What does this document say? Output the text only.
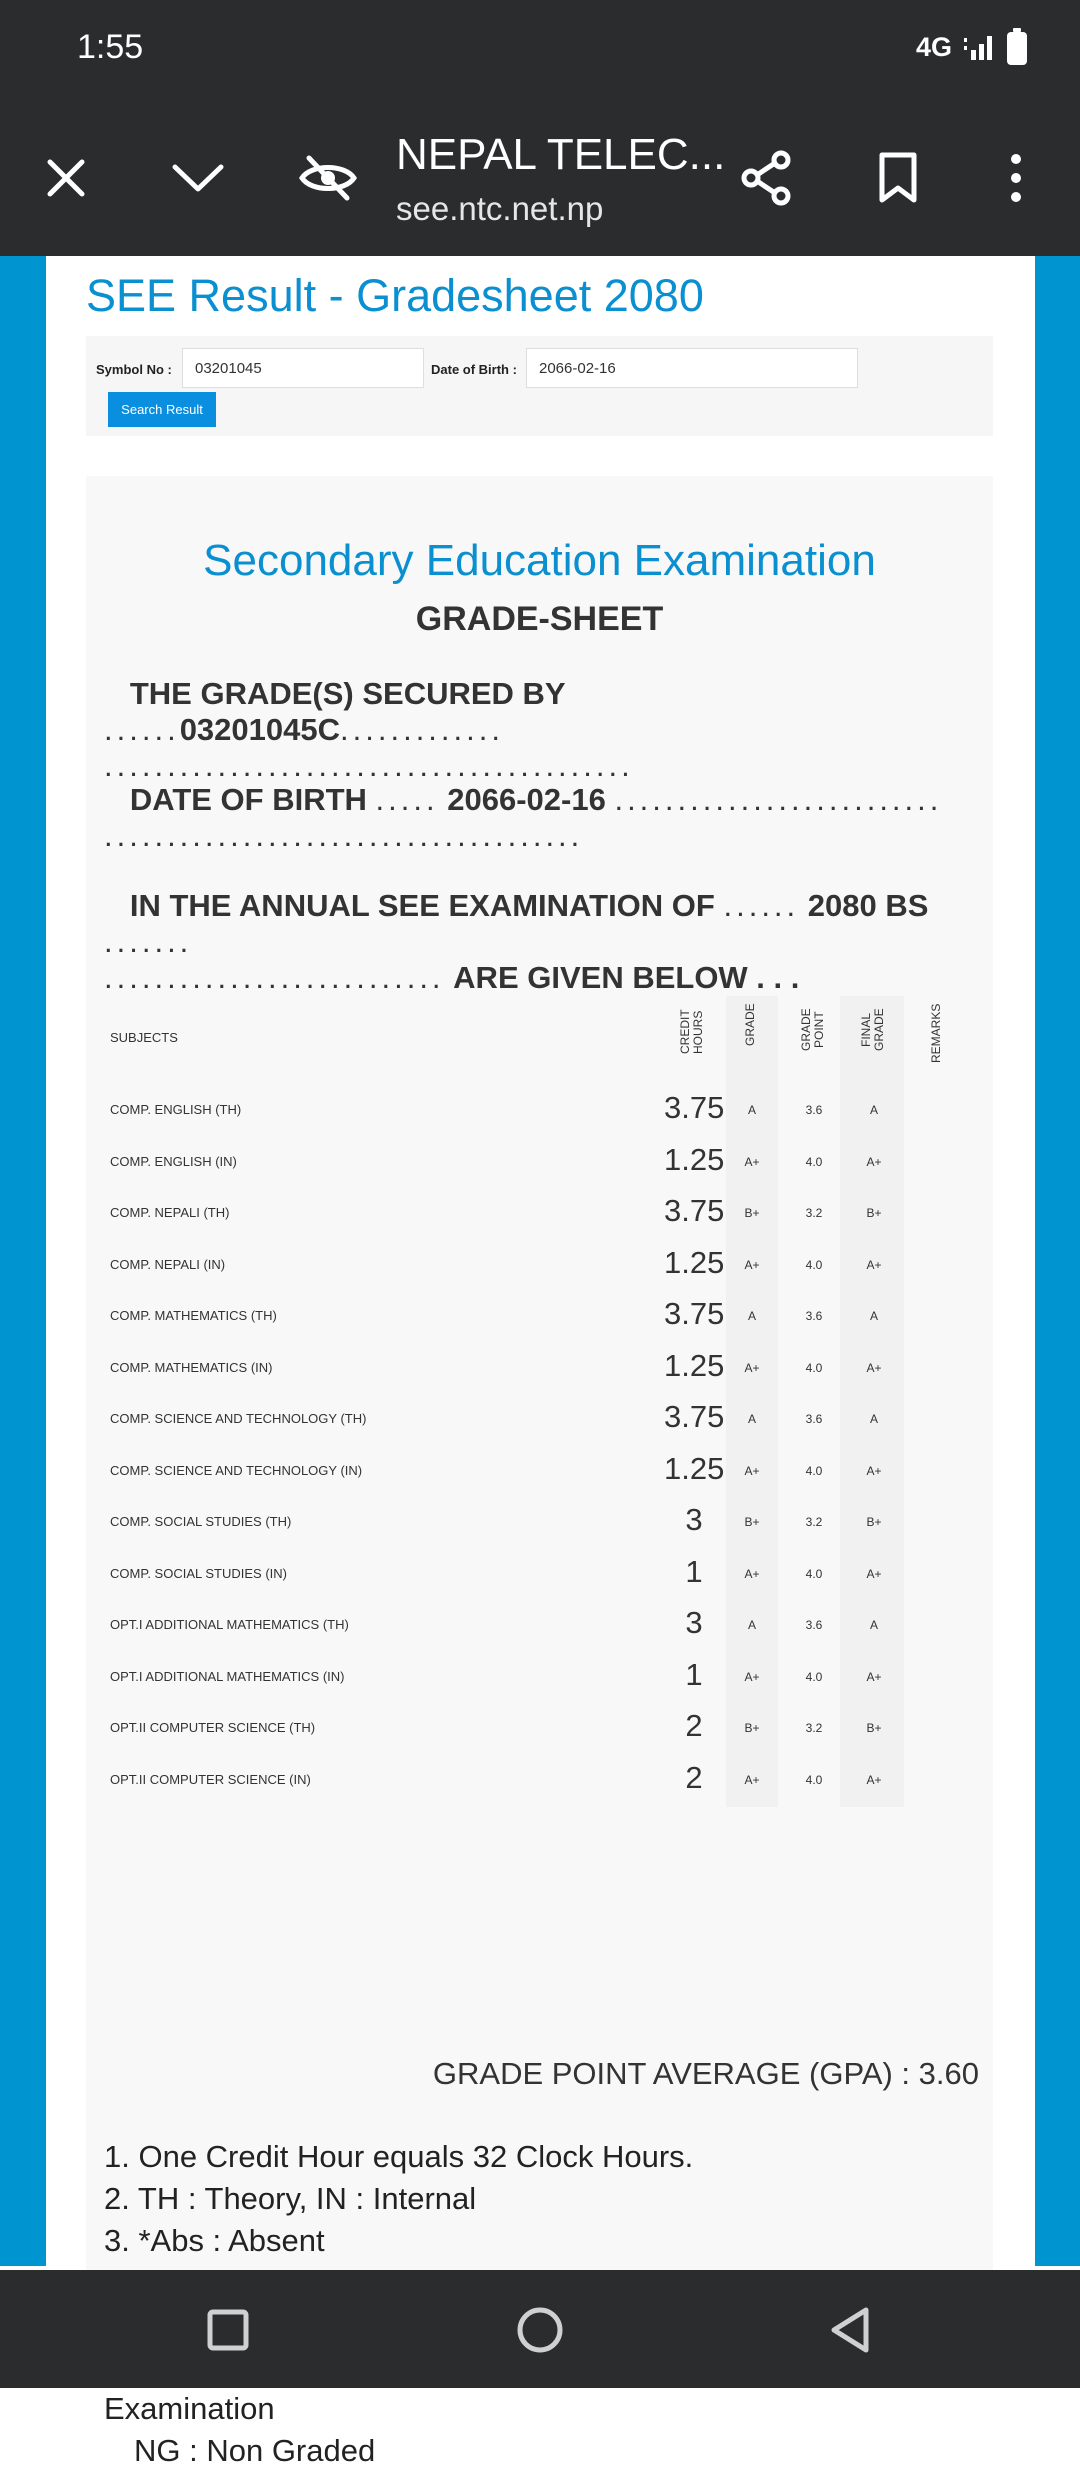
1:55	4G
NEPAL TELEC...
see.ntc.net.np
SEE Result - Gradesheet 2080
Symbol No :	03201045	Date of Birth :	2066-02-16
Search Result
Secondary Education Examination
GRADE-SHEET
THE GRADE(S) SECURED BY ......03201045C.............
..........................................
DATE OF BIRTH ..... 2066-02-16 ..........................
......................................
IN THE ANNUAL SEE EXAMINATION OF ...... 2080 BS .......
........................... ARE GIVEN BELOW . . .
SUBJECTS	CREDIT HOURS	GRADE	GRADE POINT	FINAL GRADE	REMARKS
COMP. ENGLISH (TH)	3.75	A	3.6	A
COMP. ENGLISH (IN)	1.25	A+	4.0	A+
COMP. NEPALI (TH)	3.75	B+	3.2	B+
COMP. NEPALI (IN)	1.25	A+	4.0	A+
COMP. MATHEMATICS (TH)	3.75	A	3.6	A
COMP. MATHEMATICS (IN)	1.25	A+	4.0	A+
COMP. SCIENCE AND TECHNOLOGY (TH)	3.75	A	3.6	A
COMP. SCIENCE AND TECHNOLOGY (IN)	1.25	A+	4.0	A+
COMP. SOCIAL STUDIES (TH)	3	B+	3.2	B+
COMP. SOCIAL STUDIES (IN)	1	A+	4.0	A+
OPT.I ADDITIONAL MATHEMATICS (TH)	3	A	3.6	A
OPT.I ADDITIONAL MATHEMATICS (IN)	1	A+	4.0	A+
OPT.II COMPUTER SCIENCE (TH)	2	B+	3.2	B+
OPT.II COMPUTER SCIENCE (IN)	2	A+	4.0	A+
GRADE POINT AVERAGE (GPA) : 3.60
1. One Credit Hour equals 32 Clock Hours.
2. TH : Theory, IN : Internal
3. *Abs : Absent
Examination
NG : Non Graded
